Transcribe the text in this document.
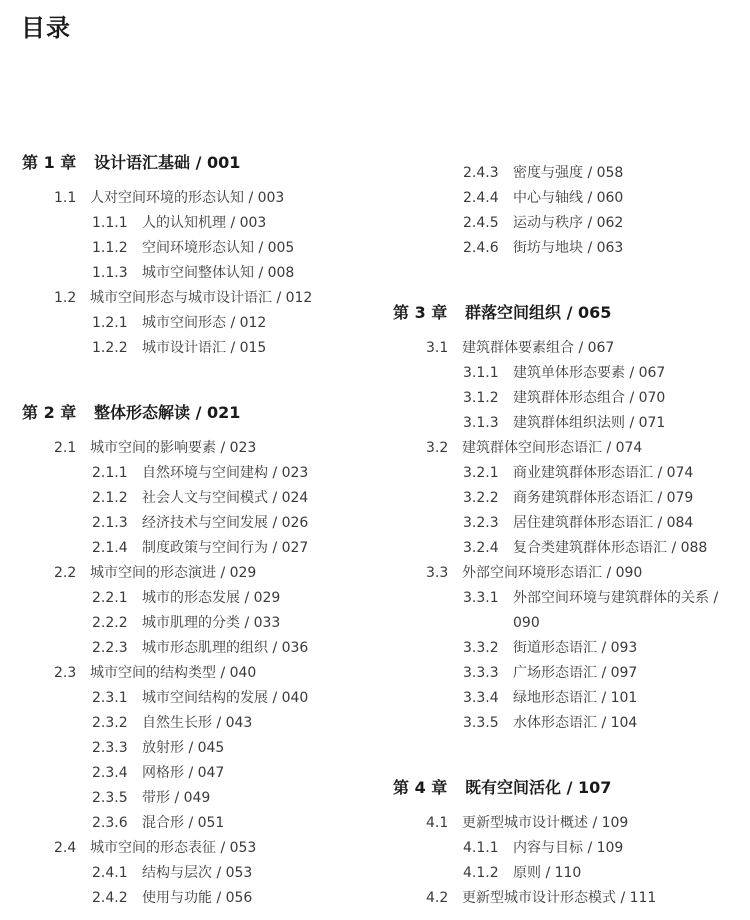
目录
第 1 章 设计语汇基础 / 001
1.1 人对空间环境的形态认知 / 003
1.1.1 人的认知机理 / 003
1.1.2 空间环境形态认知 / 005
1.1.3 城市空间整体认知 / 008
1.2 城市空间形态与城市设计语汇 / 012
1.2.1 城市空间形态 / 012
1.2.2 城市设计语汇 / 015
第 2 章 整体形态解读 / 021
2.1 城市空间的影响要素 / 023
2.1.1 自然环境与空间建构 / 023
2.1.2 社会人文与空间模式 / 024
2.1.3 经济技术与空间发展 / 026
2.1.4 制度政策与空间行为 / 027
2.2 城市空间的形态演进 / 029
2.2.1 城市的形态发展 / 029
2.2.2 城市肌理的分类 / 033
2.2.3 城市形态肌理的组织 / 036
2.3 城市空间的结构类型 / 040
2.3.1 城市空间结构的发展 / 040
2.3.2 自然生长形 / 043
2.3.3 放射形 / 045
2.3.4 网格形 / 047
2.3.5 带形 / 049
2.3.6 混合形 / 051
2.4 城市空间的形态表征 / 053
2.4.1 结构与层次 / 053
2.4.2 使用与功能 / 056
2.4.3 密度与强度 / 058
2.4.4 中心与轴线 / 060
2.4.5 运动与秩序 / 062
2.4.6 街坊与地块 / 063
第 3 章 群落空间组织 / 065
3.1 建筑群体要素组合 / 067
3.1.1 建筑单体形态要素 / 067
3.1.2 建筑群体形态组合 / 070
3.1.3 建筑群体组织法则 / 071
3.2 建筑群体空间形态语汇 / 074
3.2.1 商业建筑群体形态语汇 / 074
3.2.2 商务建筑群体形态语汇 / 079
3.2.3 居住建筑群体形态语汇 / 084
3.2.4 复合类建筑群体形态语汇 / 088
3.3 外部空间环境形态语汇 / 090
3.3.1 外部空间环境与建筑群体的关系 /
090
3.3.2 街道形态语汇 / 093
3.3.3 广场形态语汇 / 097
3.3.4 绿地形态语汇 / 101
3.3.5 水体形态语汇 / 104
第 4 章 既有空间活化 / 107
4.1 更新型城市设计概述 / 109
4.1.1 内容与目标 / 109
4.1.2 原则 / 110
4.2 更新型城市设计形态模式 / 111
